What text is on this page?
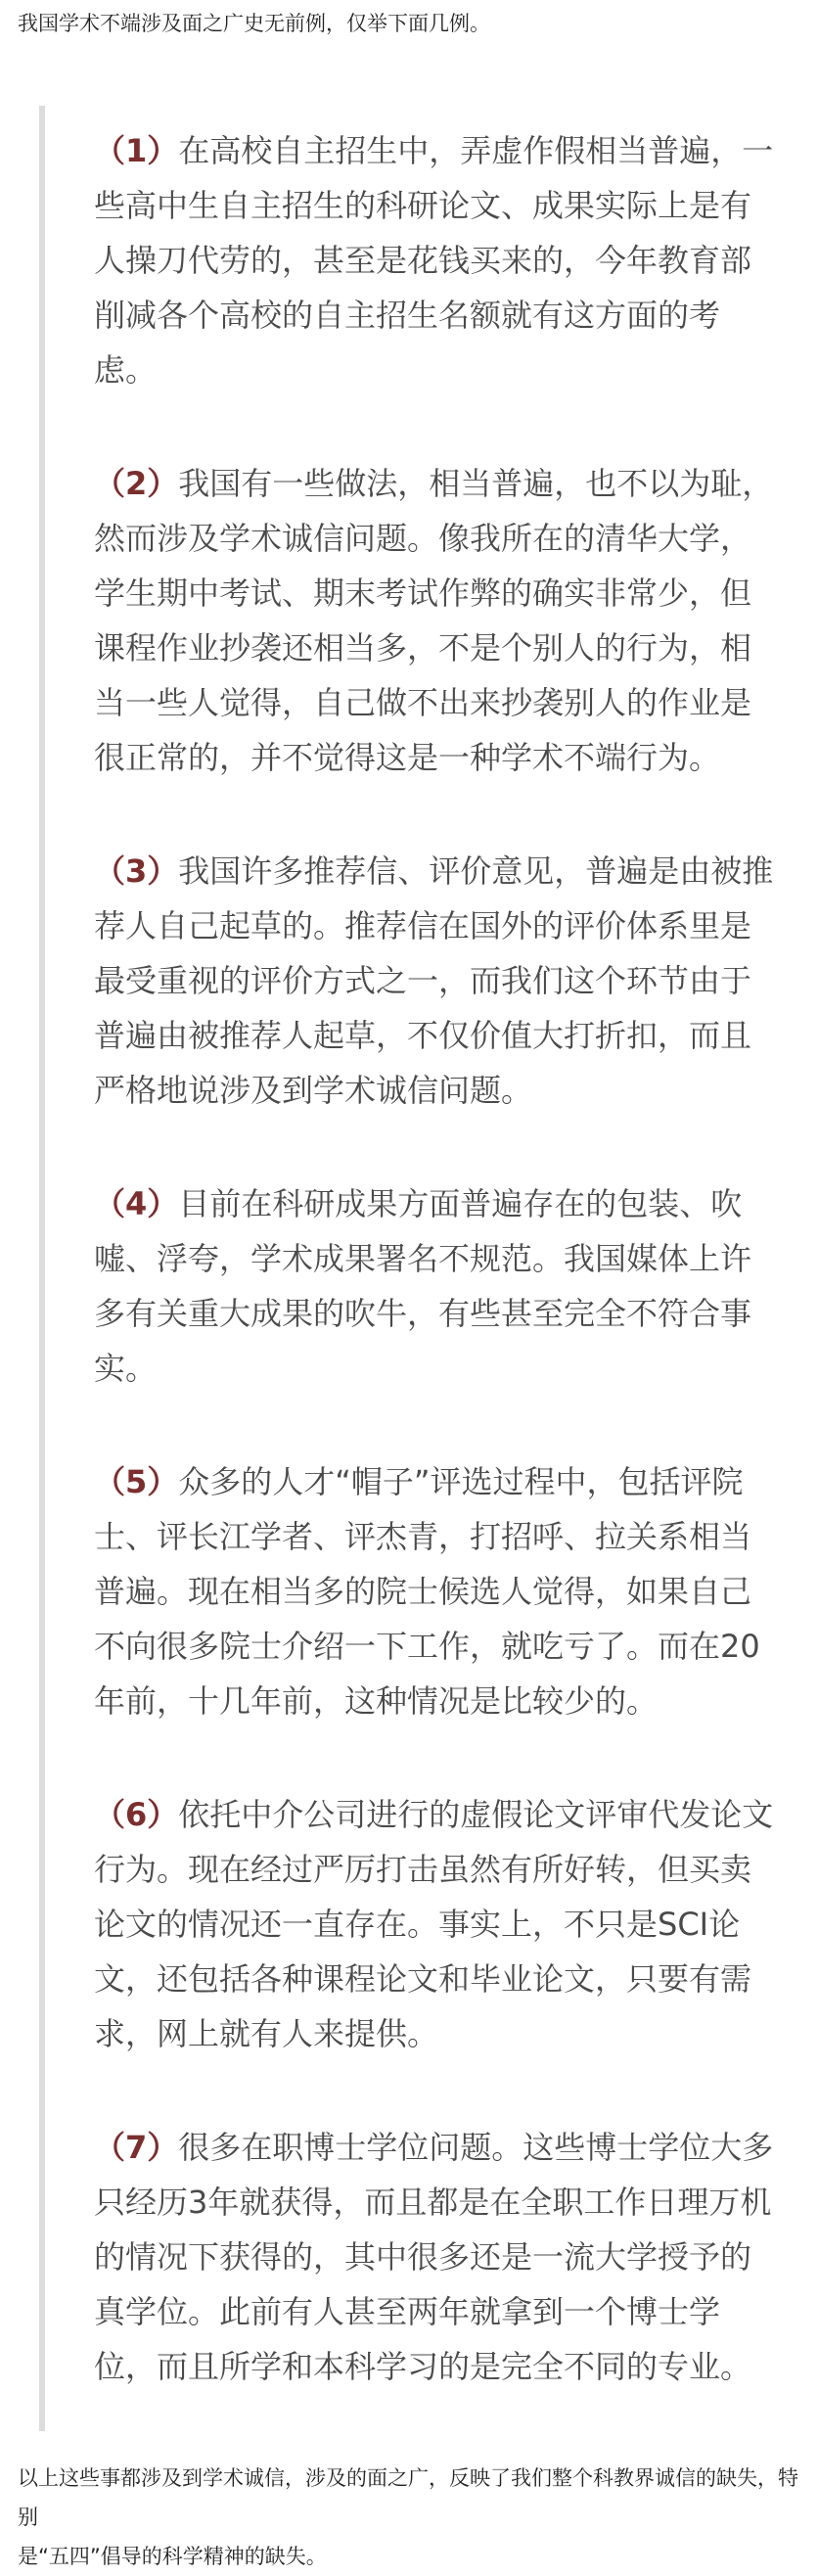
我国学术不端涉及面之广史无前例，仅举下面几例。

（1）在高校自主招生中，弄虚作假相当普遍，一
些高中生自主招生的科研论文、成果实际上是有
人操刀代劳的，甚至是花钱买来的，今年教育部
削减各个高校的自主招生名额就有这方面的考
虑。

（2）我国有一些做法，相当普遍，也不以为耻，
然而涉及学术诚信问题。像我所在的清华大学，
学生期中考试、期末考试作弊的确实非常少，但
课程作业抄袭还相当多，不是个别人的行为，相
当一些人觉得，自己做不出来抄袭别人的作业是
很正常的，并不觉得这是一种学术不端行为。

（3）我国许多推荐信、评价意见，普遍是由被推
荐人自己起草的。推荐信在国外的评价体系里是
最受重视的评价方式之一，而我们这个环节由于
普遍由被推荐人起草，不仅价值大打折扣，而且
严格地说涉及到学术诚信问题。

（4）目前在科研成果方面普遍存在的包装、吹
嘘、浮夸，学术成果署名不规范。我国媒体上许
多有关重大成果的吹牛，有些甚至完全不符合事
实。

（5）众多的人才“帽子”评选过程中，包括评院
士、评长江学者、评杰青，打招呼、拉关系相当
普遍。现在相当多的院士候选人觉得，如果自己
不向很多院士介绍一下工作，就吃亏了。而在20
年前，十几年前，这种情况是比较少的。

（6）依托中介公司进行的虚假论文评审代发论文
行为。现在经过严厉打击虽然有所好转，但买卖
论文的情况还一直存在。事实上，不只是SCI论
文，还包括各种课程论文和毕业论文，只要有需
求，网上就有人来提供。

（7）很多在职博士学位问题。这些博士学位大多
只经历3年就获得，而且都是在全职工作日理万机
的情况下获得的，其中很多还是一流大学授予的
真学位。此前有人甚至两年就拿到一个博士学
位，而且所学和本科学习的是完全不同的专业。

以上这些事都涉及到学术诚信，涉及的面之广，反映了我们整个科教界诚信的缺失，特别
是“五四”倡导的科学精神的缺失。
